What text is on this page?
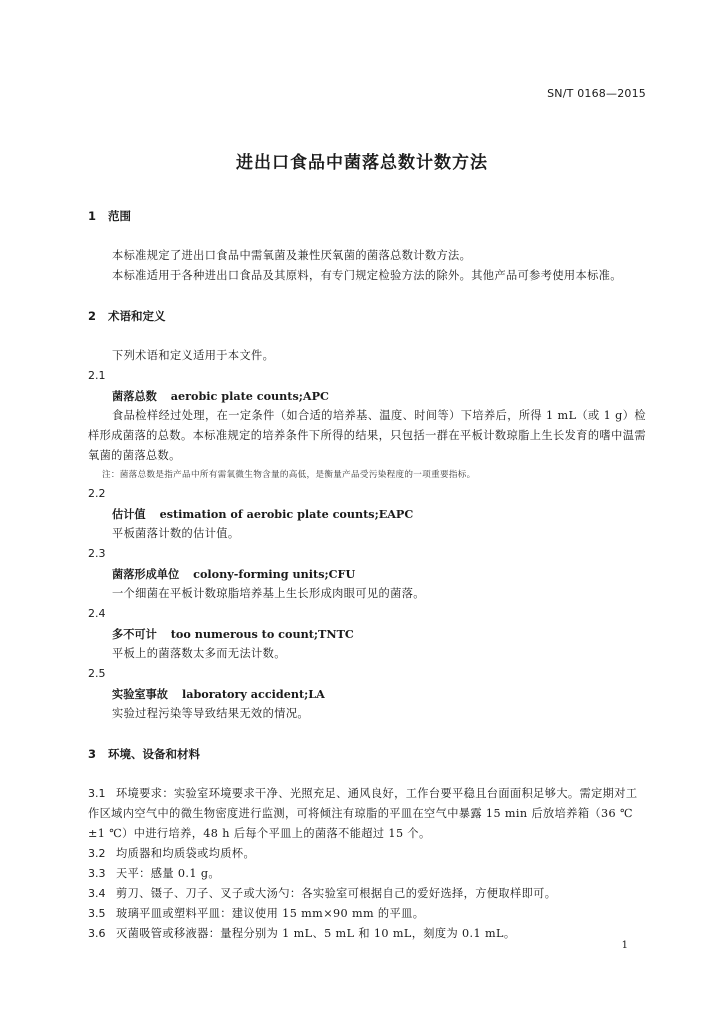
SN/T 0168—2015
进出口食品中菌落总数计数方法
1 范围

本标准规定了进出口食品中需氧菌及兼性厌氧菌的菌落总数计数方法。

本标准适用于各种进出口食品及其原料，有专门规定检验方法的除外。其他产品可参考使用本标准。

2 术语和定义

下列术语和定义适用于本文件。

2.1
菌落总数 aerobic plate counts;APC

食品检样经过处理，在一定条件（如合适的培养基、温度、时间等）下培养后，所得 1 mL（或 1 g）检样形成菌落的总数。本标准规定的培养条件下所得的结果，只包括一群在平板计数琼脂上生长发育的嗜中温需氧菌的菌落总数。

注：菌落总数是指产品中所有需氧微生物含量的高低，是衡量产品受污染程度的一项重要指标。
2.2
估计值 estimation of aerobic plate counts;EAPC

平板菌落计数的估计值。

2.3
菌落形成单位 colony-forming units;CFU

一个细菌在平板计数琼脂培养基上生长形成肉眼可见的菌落。

2.4
多不可计 too numerous to count;TNTC

平板上的菌落数太多而无法计数。

2.5
实验室事故 laboratory accident;LA

实验过程污染等导致结果无效的情况。

3 环境、设备和材料

3.1 环境要求：实验室环境要求干净、光照充足、通风良好，工作台要平稳且台面面积足够大。需定期对工作区域内空气中的微生物密度进行监测，可将倾注有琼脂的平皿在空气中暴露 15 min 后放培养箱（36 ℃±1 ℃）中进行培养，48 h 后每个平皿上的菌落不能超过 15 个。

3.2 均质器和均质袋或均质杯。

3.3 天平：感量 0.1 g。

3.4 剪刀、镊子、刀子、叉子或大汤勺：各实验室可根据自己的爱好选择，方便取样即可。

3.5 玻璃平皿或塑料平皿：建议使用 15 mm×90 mm 的平皿。

3.6 灭菌吸管或移液器：量程分别为 1 mL、5 mL 和 10 mL，刻度为 0.1 mL。

1
